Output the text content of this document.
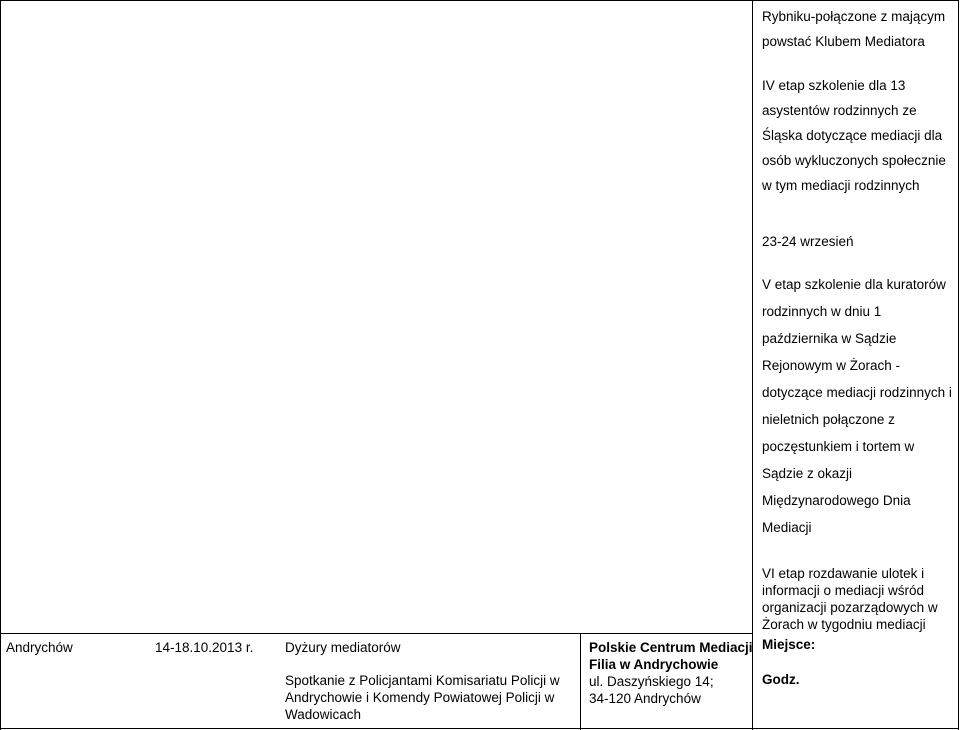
Rybniku-połączone z mającym
powstać Klubem Mediatora
IV etap szkolenie dla 13
asystentów rodzinnych ze
Śląska dotyczące mediacji dla
osób wykluczonych społecznie
w tym mediacji rodzinnych
23-24 wrzesień
V etap szkolenie dla kuratorów
rodzinnych w dniu 1
października w Sądzie
Rejonowym w Żorach -
dotyczące mediacji rodzinnych i
nieletnich połączone z
poczęstunkiem i tortem w
Sądzie z okazji
Międzynarodowego Dnia
Mediacji
Andrychów	14-18.10.2013 r. Dyżury mediatorów
Spotkanie z Policjantami Komisariatu Policji w
Andrychowie i Komendy Powiatowej Policji w
Wadowicach
Polskie Centrum Mediacji
Filia w Andrychowie
ul. Daszyńskiego 14;
34-120 Andrychów
VI etap rozdawanie ulotek i
informacji o mediacji wśród
organizacji pozarządowych w
Żorach w tygodniu mediacji
Miejsce:
Godz.
